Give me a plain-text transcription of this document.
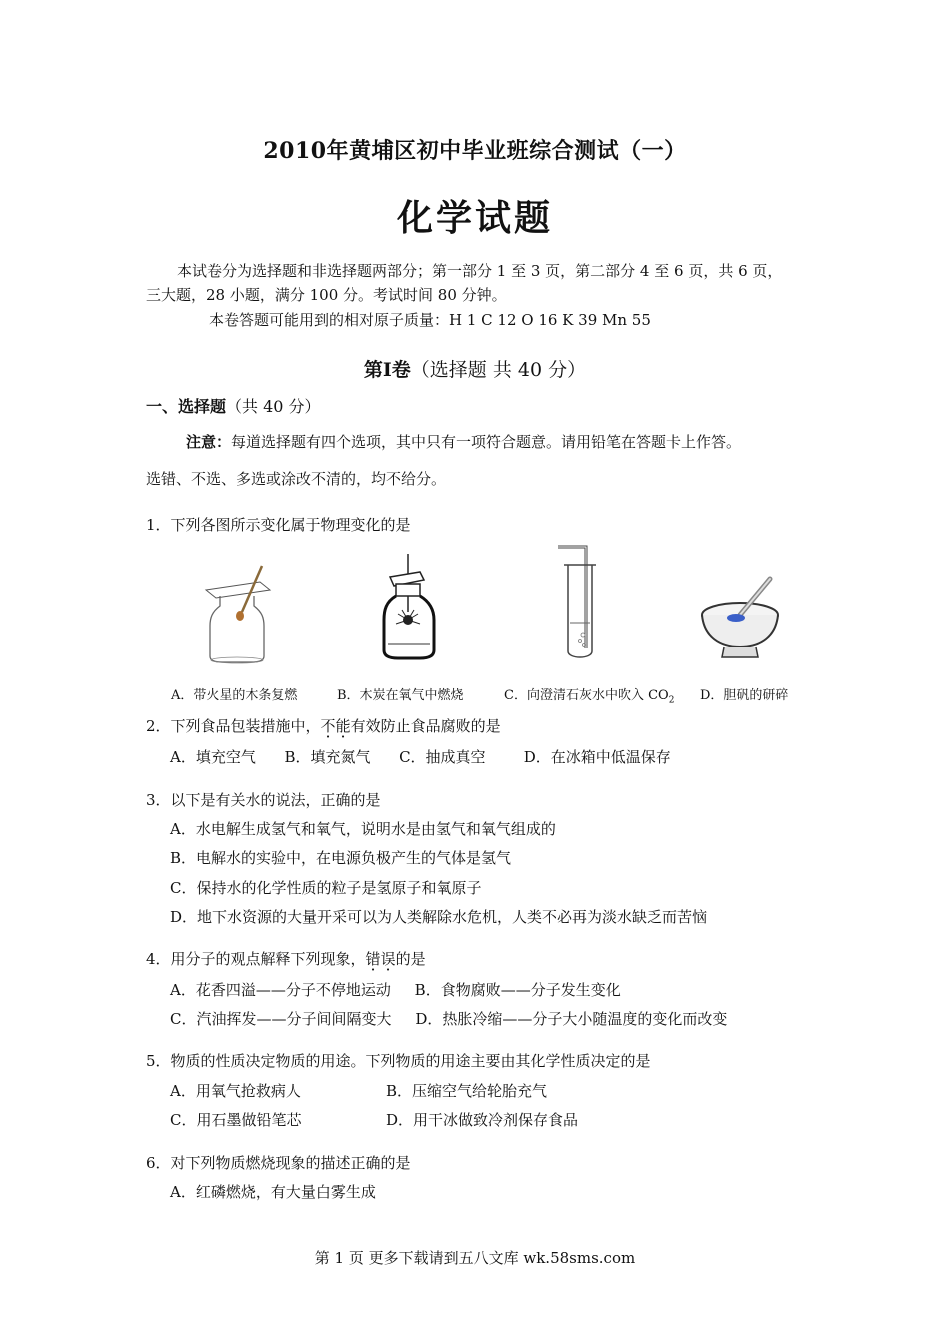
2010年黄埔区初中毕业班综合测试（一）
化学试题
本试卷分为选择题和非选择题两部分；第一部分 1 至 3 页，第二部分 4 至 6 页，共 6 页，
三大题，28 小题，满分 100 分。考试时间 80 分钟。
本卷答题可能用到的相对原子质量：H 1 C 12 O 16 K 39 Mn 55
第Ⅰ卷（选择题 共 40 分）
一、选择题（共 40 分）
注意：每道选择题有四个选项，其中只有一项符合题意。请用铅笔在答题卡上作答。
选错、不选、多选或涂改不清的，均不给分。
1．下列各图所示变化属于物理变化的是
A．带火星的木条复燃	B．木炭在氧气中燃烧	C．向澄清石灰水中吹入 $CO_2$ D．胆矾的研碎
2．下列食品包装措施中，不能有效防止食品腐败的是
A．填充空气      B．填充氮气      C．抽成真空        D．在冰箱中低温保存
3．以下是有关水的说法，正确的是
A．水电解生成氢气和氧气，说明水是由氢气和氧气组成的
B．电解水的实验中，在电源负极产生的气体是氢气
C．保持水的化学性质的粒子是氢原子和氧原子
D．地下水资源的大量开采可以为人类解除水危机，人类不必再为淡水缺乏而苦恼
4．用分子的观点解释下列现象，错误的是
A．花香四溢——分子不停地运动     B．食物腐败——分子发生变化
C．汽油挥发——分子间间隔变大     D．热胀冷缩——分子大小随温度的变化而改变
5．物质的性质决定物质的用途。下列物质的用途主要由其化学性质决定的是
A．用氧气抢救病人	B．压缩空气给轮胎充气
C．用石墨做铅笔芯	D．用干冰做致冷剂保存食品
6．对下列物质燃烧现象的描述正确的是
A．红磷燃烧，有大量白雾生成
第 1 页 更多下载请到五八文库 wk.58sms.com
